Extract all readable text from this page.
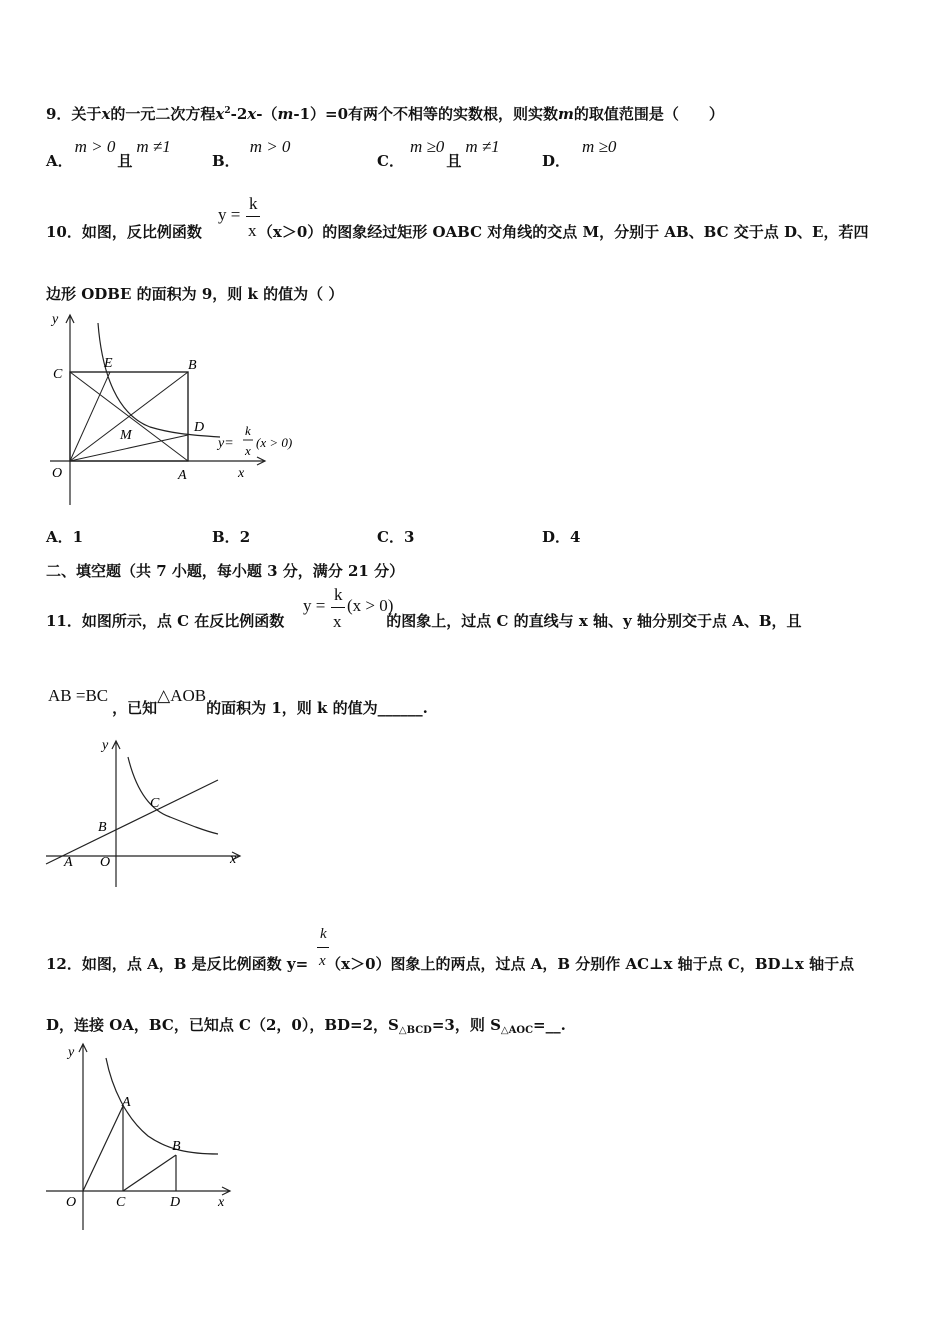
9．关于x的一元二次方程$x^2-2x-(m-1)=0$有两个不相等的实数根，则实数m的取值范围是（　　）
A．m > 0且m ≠1
B．m > 0
C．m ≥0且m ≠1
D．m ≥0
10．如图，反比例函数	（x＞0）的图象经过矩形 OABC 对角线的交点 M，分别于 AB、BC 交于点 D、E，若四
y =
k
x
边形 ODBE 的面积为 9，则 k 的值为（ ）
y
x
C
E	B
D
M
O	A
y=
k
x
(x > 0)
A．1	B．2	C．3	D．4
二、填空题（共 7 小题，每小题 3 分，满分 21 分）
11．如图所示，点 C 在反比例函数	的图象上，过点 C 的直线与 x 轴、y 轴分别交于点 A、B，且
y =
k
x
(x > 0)
AB =BC，已知△AOB的面积为 1，则 k 的值为______.
y
x
B
C
A O
12．如图，点 A，B 是反比例函数 y= （x＞0）图象上的两点，过点 A，B 分别作 AC⊥x 轴于点 C，BD⊥x 轴于点
k
x
D，连接 OA，BC，已知点 C（2，0），BD=2，$S_{\triangle BCD}=3$，则 $S_{\triangle AOC}=\_\_$.
y
x
A
B
O	C	D
